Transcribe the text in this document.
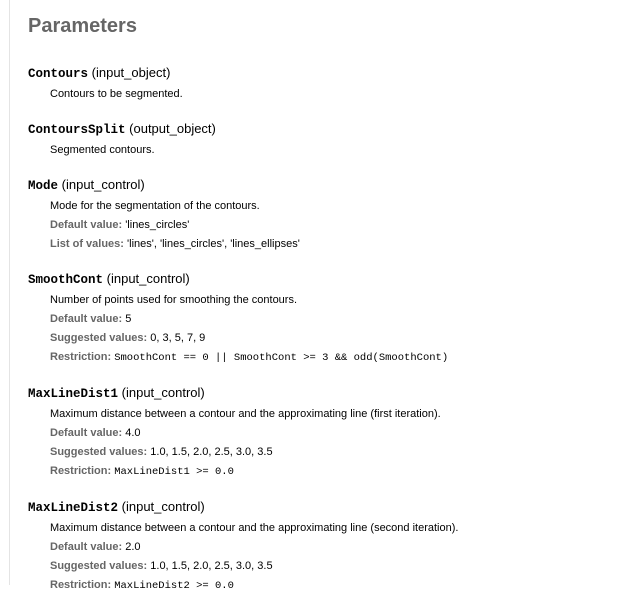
Parameters
Contours (input_object)
Contours to be segmented.
ContoursSplit (output_object)
Segmented contours.
Mode (input_control)
Mode for the segmentation of the contours.
Default value: 'lines_circles'
List of values: 'lines', 'lines_circles', 'lines_ellipses'
SmoothCont (input_control)
Number of points used for smoothing the contours.
Default value: 5
Suggested values: 0, 3, 5, 7, 9
Restriction: SmoothCont == 0 || SmoothCont >= 3 && odd(SmoothCont)
MaxLineDist1 (input_control)
Maximum distance between a contour and the approximating line (first iteration).
Default value: 4.0
Suggested values: 1.0, 1.5, 2.0, 2.5, 3.0, 3.5
Restriction: MaxLineDist1 >= 0.0
MaxLineDist2 (input_control)
Maximum distance between a contour and the approximating line (second iteration).
Default value: 2.0
Suggested values: 1.0, 1.5, 2.0, 2.5, 3.0, 3.5
Restriction: MaxLineDist2 >= 0.0
